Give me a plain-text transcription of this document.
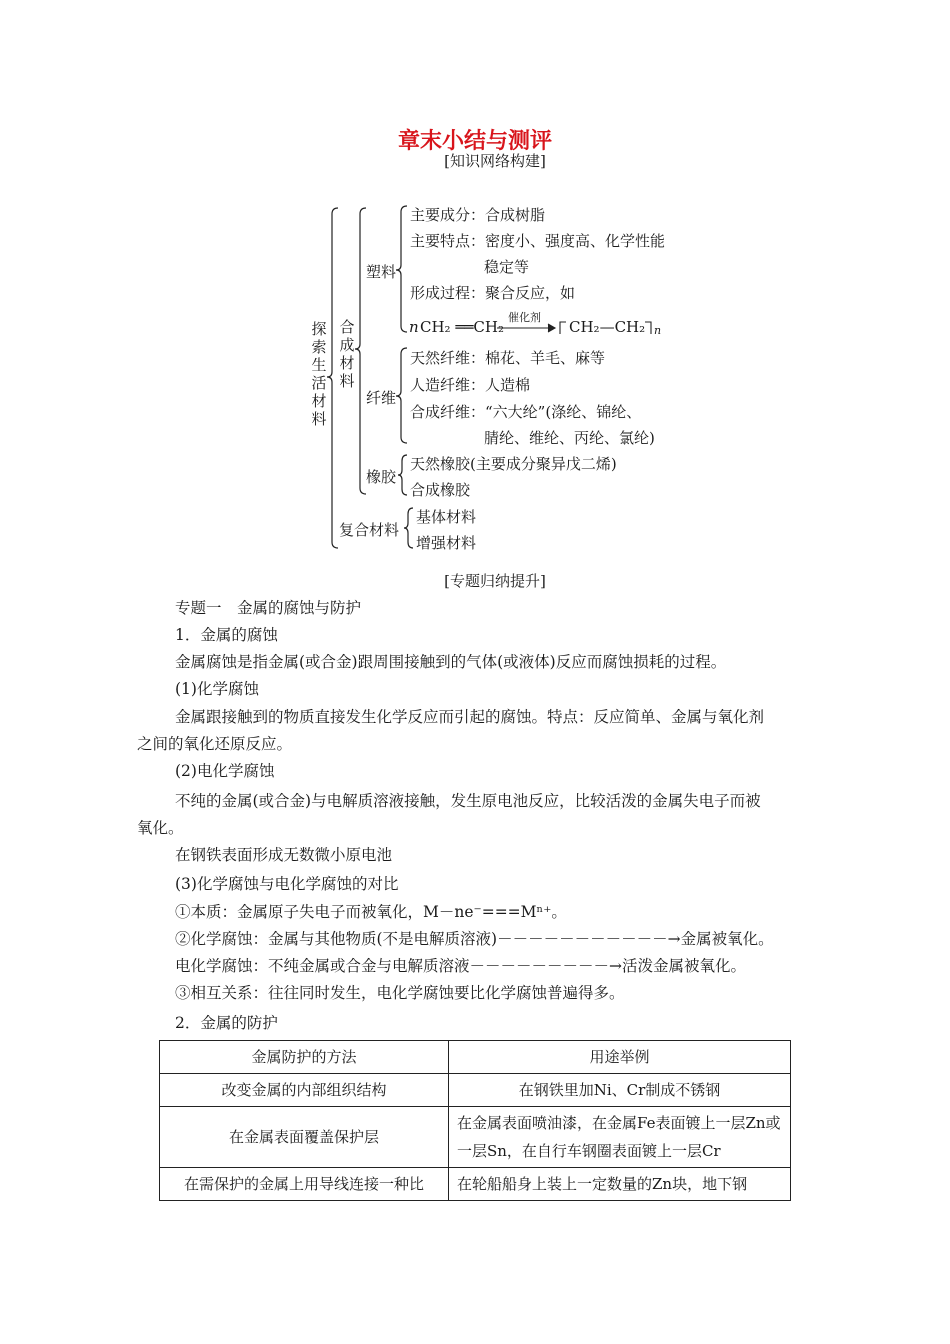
章末小结与测评
[知识网络构建]
探索生活材料
合成材料
塑料
主要成分：合成树脂
主要特点：密度小、强度高、化学性能
稳定等
形成过程：聚合反应，如
n CH₂ ══CH₂
催化剂
CH₂—CH₂ n
纤维
天然纤维：棉花、羊毛、麻等
人造纤维：人造棉
合成纤维：“六大纶”(涤纶、锦纶、
腈纶、维纶、丙纶、氯纶)
橡胶
天然橡胶(主要成分聚异戊二烯)
合成橡胶
复合材料
基体材料
增强材料
[专题归纳提升]
专题一　金属的腐蚀与防护
1．金属的腐蚀
金属腐蚀是指金属(或合金)跟周围接触到的气体(或液体)反应而腐蚀损耗的过程。
(1)化学腐蚀
金属跟接触到的物质直接发生化学反应而引起的腐蚀。特点：反应简单、金属与氧化剂
之间的氧化还原反应。
(2)电化学腐蚀
不纯的金属(或合金)与电解质溶液接触，发生原电池反应，比较活泼的金属失电子而被
氧化。
在钢铁表面形成无数微小原电池
(3)化学腐蚀与电化学腐蚀的对比
①本质：金属原子失电子而被氧化，M－ne⁻===Mⁿ⁺。
②化学腐蚀：金属与其他物质(不是电解质溶液)－－－－－－－－－－－→金属被氧化。
电化学腐蚀：不纯金属或合金与电解质溶液－－－－－－－－－→活泼金属被氧化。
③相互关系：往往同时发生，电化学腐蚀要比化学腐蚀普遍得多。
2．金属的防护
金属防护的方法	用途举例
改变金属的内部组织结构	在钢铁里加Ni、Cr制成不锈钢
在金属表面覆盖保护层	在金属表面喷油漆，在金属Fe表面镀上一层Zn或一层Sn，在自行车钢圈表面镀上一层Cr
在需保护的金属上用导线连接一种比	在轮船船身上装上一定数量的Zn块，地下钢
